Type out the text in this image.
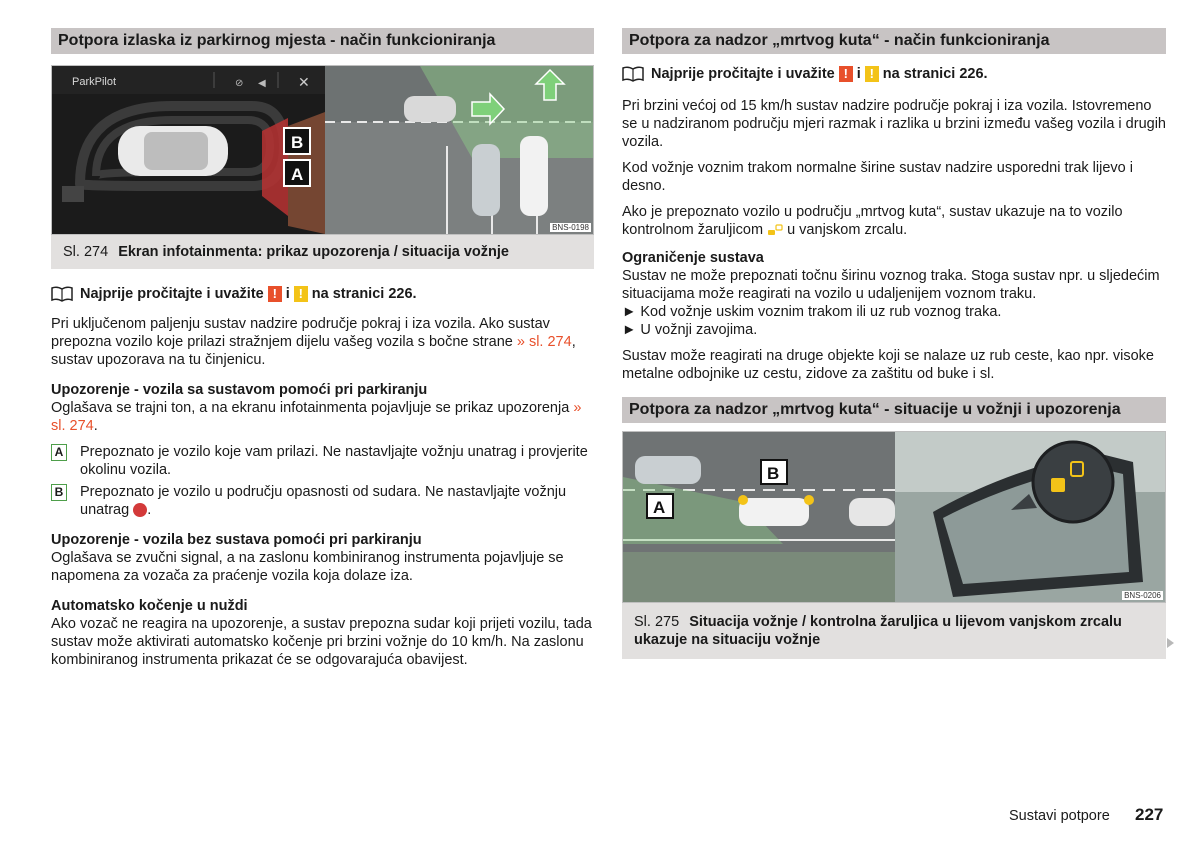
Potpora izlaska iz parkirnog mjesta - način funkcioniranja
ParkPilot	⊘ ◀ ✕
B
A
BNS-0198
Sl. 274 Ekran infotainmenta: prikaz upozorenja / situacija vožnje
Najprije pročitajte i uvažite ! i ! na stranici 226.

Pri uključenom paljenju sustav nadzire područje pokraj i iza vozila. Ako sustav prepozna vozilo koje prilazi stražnjem dijelu vašeg vozila s bočne strane » sl. 274, sustav upozorava na tu činjenicu.

Upozorenje - vozila sa sustavom pomoći pri parkiranju

Oglašava se trajni ton, a na ekranu infotainmenta pojavljuje se prikaz upozorenja » sl. 274.

A Prepoznato je vozilo koje vam prilazi. Ne nastavljajte vožnju unatrag i provjerite okolinu vozila.
B Prepoznato je vozilo u području opasnosti od sudara. Ne nastavljajte vožnju unatrag .
Upozorenje - vozila bez sustava pomoći pri parkiranju

Oglašava se zvučni signal, a na zaslonu kombiniranog instrumenta pojavljuje se napomena za vozača za praćenje vozila koja dolaze iza.

Automatsko kočenje u nuždi

Ako vozač ne reagira na upozorenje, a sustav prepozna sudar koji prijeti vozilu, tada sustav može aktivirati automatsko kočenje pri brzini vožnje do 10 km/h. Na zaslonu kombiniranog instrumenta prikazat će se odgovarajuća obavijest.

Potpora za nadzor „mrtvog kuta“ - način funkcioniranja
Najprije pročitajte i uvažite ! i ! na stranici 226.

Pri brzini većoj od 15 km/h sustav nadzire područje pokraj i iza vozila. Istovremeno se u nadziranom području mjeri razmak i razlika u brzini između vašeg vozila i drugih vozila.

Kod vožnje voznim trakom normalne širine sustav nadzire usporedni trak lijevo i desno.

Ako je prepoznato vozilo u području „mrtvog kuta“, sustav ukazuje na to vozilo kontrolnom žaruljicom u vanjskom zrcalu.

Ograničenje sustava

Sustav ne može prepoznati točnu širinu voznog traka. Stoga sustav npr. u sljedećim situacijama može reagirati na vozilo u udaljenijem voznom traku.

► Kod vožnje uskim voznim trakom ili uz rub voznog traka.
► U vožnji zavojima.

Sustav može reagirati na druge objekte koji se nalaze uz rub ceste, kao npr. visoke metalne odbojnike uz cestu, zidove za zaštitu od buke i sl.

Potpora za nadzor „mrtvog kuta“ - situacije u vožnji i upozorenja
A
B
BNS-0206
Sl. 275 Situacija vožnje / kontrolna žaruljica u lijevom vanjskom zrcalu ukazuje na situaciju vožnje
Sustavi potpore 227
